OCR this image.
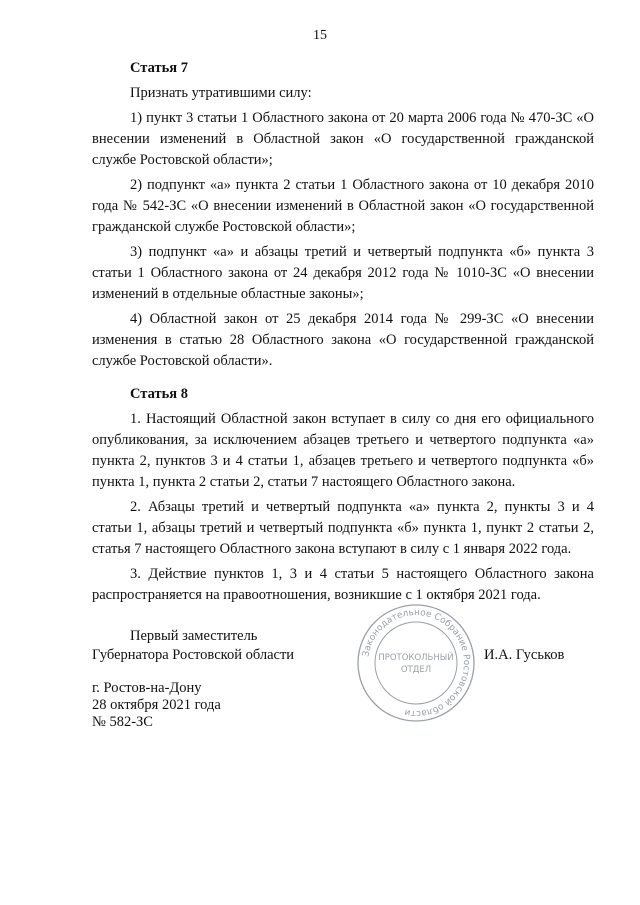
15
Статья 7

Признать утратившими силу:

1) пункт 3 статьи 1 Областного закона от 20 марта 2006 года № 470-ЗС «О внесении изменений в Областной закон «О государственной гражданской службе Ростовской области»;

2) подпункт «а» пункта 2 статьи 1 Областного закона от 10 декабря 2010 года № 542-ЗС «О внесении изменений в Областной закон «О государственной гражданской службе Ростовской области»;

3) подпункт «а» и абзацы третий и четвертый подпункта «б» пункта 3 статьи 1 Областного закона от 24 декабря 2012 года № 1010-ЗС «О внесении изменений в отдельные областные законы»;

4) Областной закон от 25 декабря 2014 года № 299-ЗС «О внесении изменения в статью 28 Областного закона «О государственной гражданской службе Ростовской области».

Статья 8

1. Настоящий Областной закон вступает в силу со дня его официального опубликования, за исключением абзацев третьего и четвертого подпункта «а» пункта 2, пунктов 3 и 4 статьи 1, абзацев третьего и четвертого подпункта «б» пункта 1, пункта 2 статьи 2, статьи 7 настоящего Областного закона.

2. Абзацы третий и четвертый подпункта «а» пункта 2, пункты 3 и 4 статьи 1, абзацы третий и четвертый подпункта «б» пункта 1, пункт 2 статьи 2, статья 7 настоящего Областного закона вступают в силу с 1 января 2022 года.

3. Действие пунктов 1, 3 и 4 статьи 5 настоящего Областного закона распространяется на правоотношения, возникшие с 1 октября 2021 года.

Первый заместитель
Губернатора Ростовской области	И.А. Гуськов
г. Ростов-на-Дону
28 октября 2021 года
№ 582-ЗС
Законодательное Собрание Ростовской области
ПРОТОКОЛЬНЫЙ
ОТДЕЛ
